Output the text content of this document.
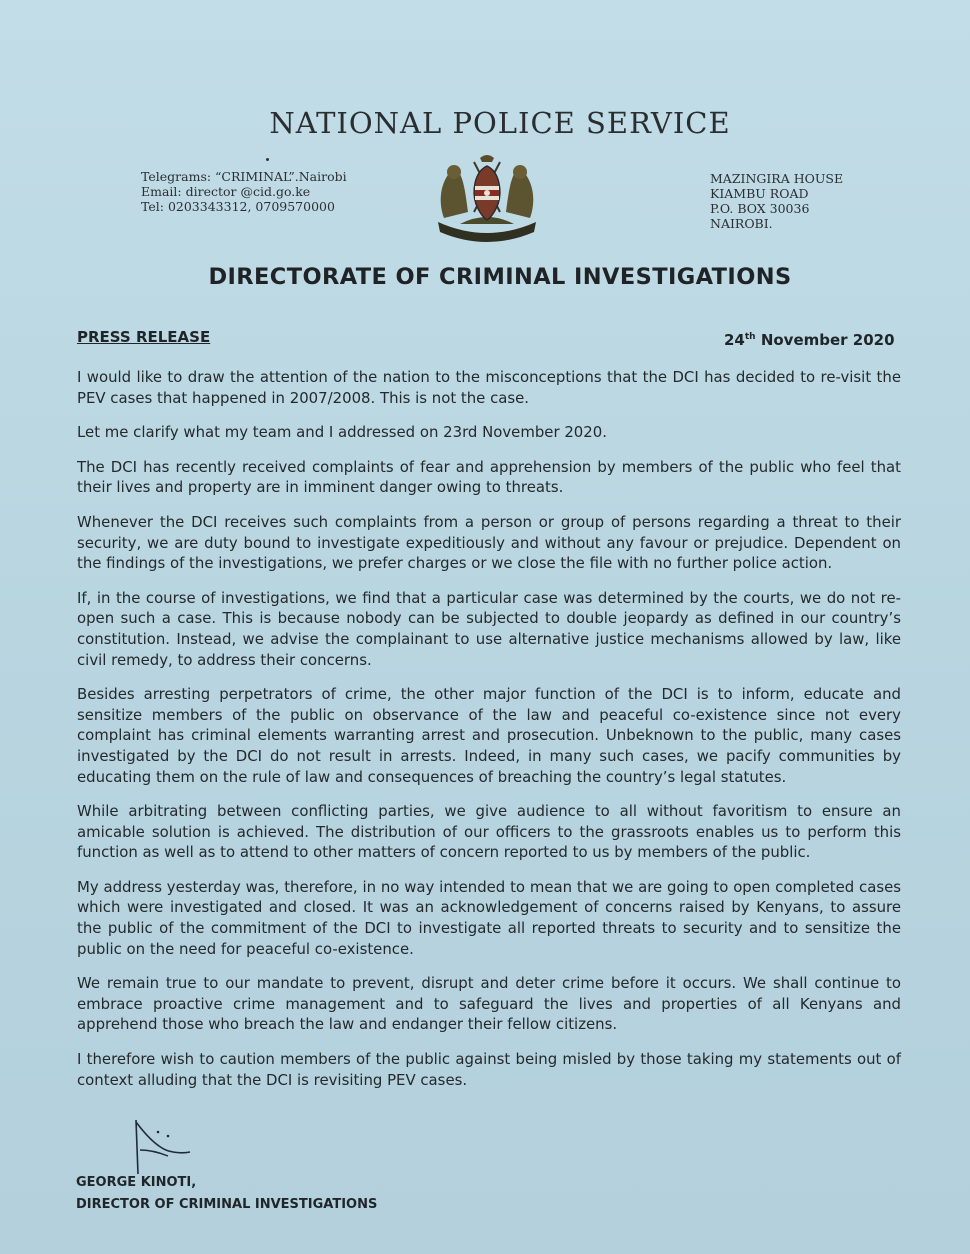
NATIONAL POLICE SERVICE
Telegrams: “CRIMINAL”.Nairobi
Email: director @cid.go.ke
Tel: 0203343312, 0709570000
MAZINGIRA HOUSE
KIAMBU ROAD
P.O. BOX 30036
NAIROBI.
DIRECTORATE OF CRIMINAL INVESTIGATIONS
PRESS RELEASE	24th November 2020

I would like to draw the attention of the nation to the misconceptions that the DCI has decided to re-visit the PEV cases that happened in 2007/2008. This is not the case.

Let me clarify what my team and I addressed on 23rd November 2020.

The DCI has recently received complaints of fear and apprehension by members of the public who feel that their lives and property are in imminent danger owing to threats.

Whenever the DCI receives such complaints from a person or group of persons regarding a threat to their security, we are duty bound to investigate expeditiously and without any favour or prejudice. Dependent on the findings of the investigations, we prefer charges or we close the file with no further police action.

If, in the course of investigations, we find that a particular case was determined by the courts, we do not re-open such a case. This is because nobody can be subjected to double jeopardy as defined in our country’s constitution. Instead, we advise the complainant to use alternative justice mechanisms allowed by law, like civil remedy, to address their concerns.

Besides arresting perpetrators of crime, the other major function of the DCI is to inform, educate and sensitize members of the public on observance of the law and peaceful co-existence since not every complaint has criminal elements warranting arrest and prosecution. Unbeknown to the public, many cases investigated by the DCI do not result in arrests. Indeed, in many such cases, we pacify communities by educating them on the rule of law and consequences of breaching the country’s legal statutes.

While arbitrating between conflicting parties, we give audience to all without favoritism to ensure an amicable solution is achieved. The distribution of our officers to the grassroots enables us to perform this function as well as to attend to other matters of concern reported to us by members of the public.

My address yesterday was, therefore, in no way intended to mean that we are going to open completed cases which were investigated and closed. It was an acknowledgement of concerns raised by Kenyans, to assure the public of the commitment of the DCI to investigate all reported threats to security and to sensitize the public on the need for peaceful co-existence.

We remain true to our mandate to prevent, disrupt and deter crime before it occurs. We shall continue to embrace proactive crime management and to safeguard the lives and properties of all Kenyans and apprehend those who breach the law and endanger their fellow citizens.

I therefore wish to caution members of the public against being misled by those taking my statements out of context alluding that the DCI is revisiting PEV cases.

GEORGE KINOTI,
DIRECTOR OF CRIMINAL INVESTIGATIONS
